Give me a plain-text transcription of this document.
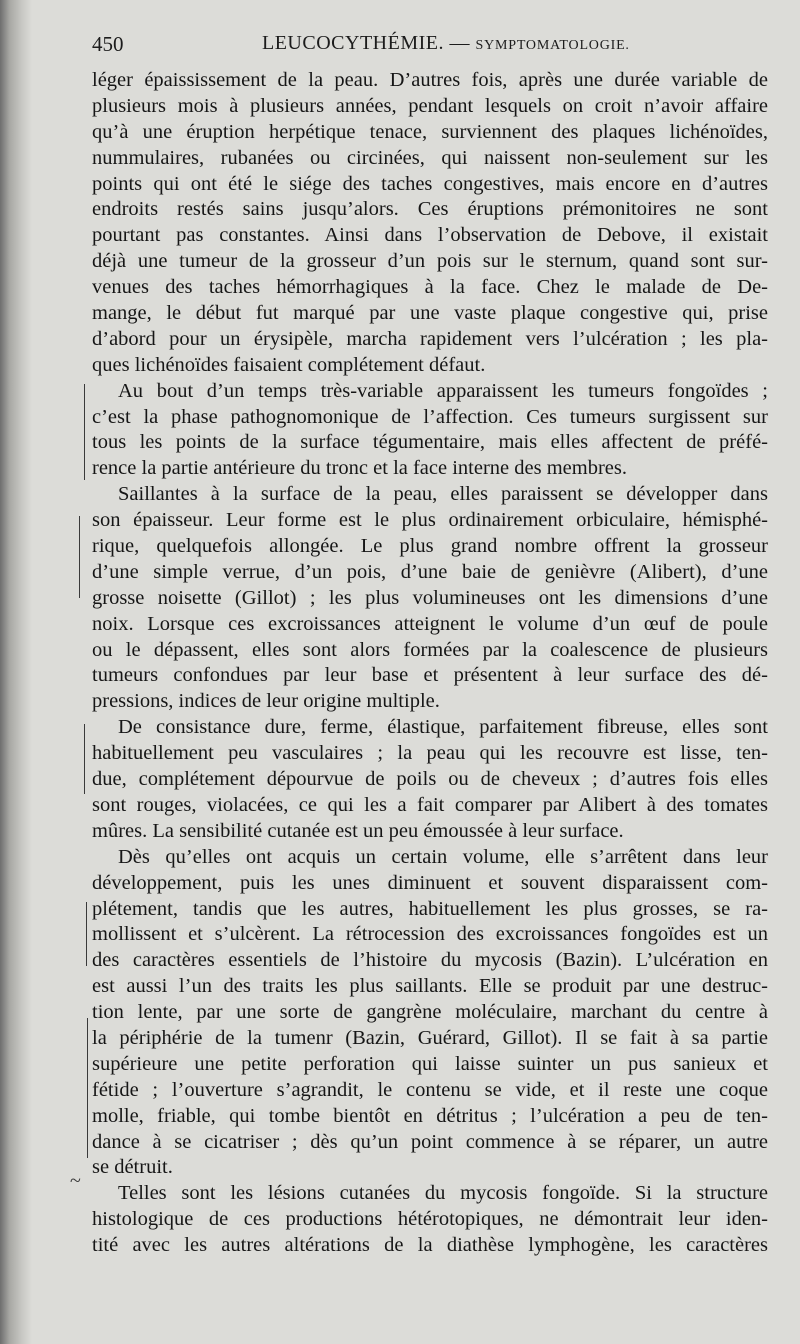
450	LEUCOCYTHÉMIE. — SYMPTOMATOLOGIE.
léger épaississement de la peau. D’autres fois, après une durée variable de
plusieurs mois à plusieurs années, pendant lesquels on croit n’avoir affaire
qu’à une éruption herpétique tenace, surviennent des plaques lichénoïdes,
nummulaires, rubanées ou circinées, qui naissent non-seulement sur les
points qui ont été le siége des taches congestives, mais encore en d’autres
endroits restés sains jusqu’alors. Ces éruptions prémonitoires ne sont
pourtant pas constantes. Ainsi dans l’observation de Debove, il existait
déjà une tumeur de la grosseur d’un pois sur le sternum, quand sont sur-
venues des taches hémorrhagiques à la face. Chez le malade de De-
mange, le début fut marqué par une vaste plaque congestive qui, prise
d’abord pour un érysipèle, marcha rapidement vers l’ulcération ; les pla-
ques lichénoïdes faisaient complétement défaut.
Au bout d’un temps très-variable apparaissent les tumeurs fongoïdes ;
c’est la phase pathognomonique de l’affection. Ces tumeurs surgissent sur
tous les points de la surface tégumentaire, mais elles affectent de préfé-
rence la partie antérieure du tronc et la face interne des membres.
Saillantes à la surface de la peau, elles paraissent se développer dans
son épaisseur. Leur forme est le plus ordinairement orbiculaire, hémisphé-
rique, quelquefois allongée. Le plus grand nombre offrent la grosseur
d’une simple verrue, d’un pois, d’une baie de genièvre (Alibert), d’une
grosse noisette (Gillot) ; les plus volumineuses ont les dimensions d’une
noix. Lorsque ces excroissances atteignent le volume d’un œuf de poule
ou le dépassent, elles sont alors formées par la coalescence de plusieurs
tumeurs confondues par leur base et présentent à leur surface des dé-
pressions, indices de leur origine multiple.
De consistance dure, ferme, élastique, parfaitement fibreuse, elles sont
habituellement peu vasculaires ; la peau qui les recouvre est lisse, ten-
due, complétement dépourvue de poils ou de cheveux ; d’autres fois elles
sont rouges, violacées, ce qui les a fait comparer par Alibert à des tomates
mûres. La sensibilité cutanée est un peu émoussée à leur surface.
Dès qu’elles ont acquis un certain volume, elle s’arrêtent dans leur
développement, puis les unes diminuent et souvent disparaissent com-
plétement, tandis que les autres, habituellement les plus grosses, se ra-
mollissent et s’ulcèrent. La rétrocession des excroissances fongoïdes est un
des caractères essentiels de l’histoire du mycosis (Bazin). L’ulcération en
est aussi l’un des traits les plus saillants. Elle se produit par une destruc-
tion lente, par une sorte de gangrène moléculaire, marchant du centre à
la périphérie de la tumenr (Bazin, Guérard, Gillot). Il se fait à sa partie
supérieure une petite perforation qui laisse suinter un pus sanieux et
fétide ; l’ouverture s’agrandit, le contenu se vide, et il reste une coque
molle, friable, qui tombe bientôt en détritus ; l’ulcération a peu de ten-
dance à se cicatriser ; dès qu’un point commence à se réparer, un autre
se détruit.
Telles sont les lésions cutanées du mycosis fongoïde. Si la structure
histologique de ces productions hétérotopiques, ne démontrait leur iden-
tité avec les autres altérations de la diathèse lymphogène, les caractères
~
